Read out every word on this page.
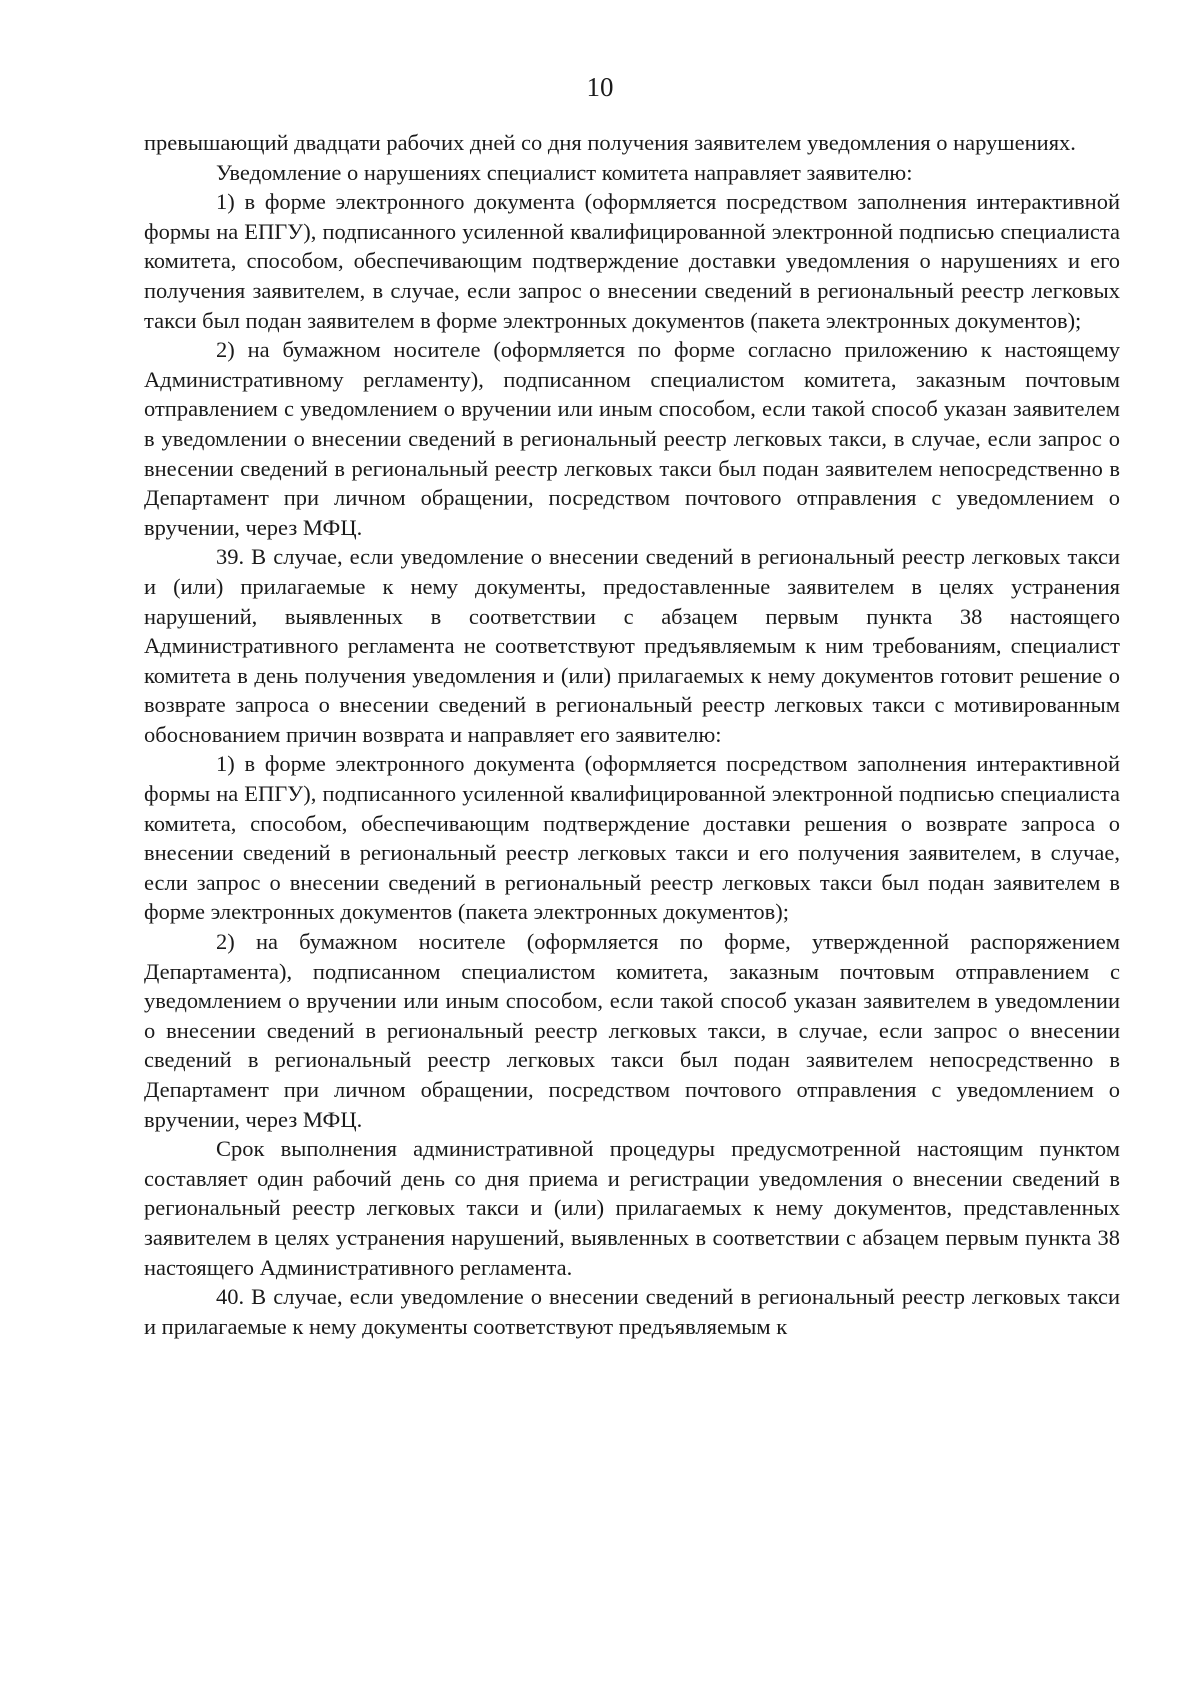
10

превышающий двадцати рабочих дней со дня получения заявителем уведомления о нарушениях.

Уведомление о нарушениях специалист комитета направляет заявителю:

1) в форме электронного документа (оформляется посредством заполнения интерактивной формы на ЕПГУ), подписанного усиленной квалифицированной электронной подписью специалиста комитета, способом, обеспечивающим подтверждение доставки уведомления о нарушениях и его получения заявителем, в случае, если запрос о внесении сведений в региональный реестр легковых такси был подан заявителем в форме электронных документов (пакета электронных документов);

2) на бумажном носителе (оформляется по форме согласно приложению к настоящему Административному регламенту), подписанном специалистом комитета, заказным почтовым отправлением с уведомлением о вручении или иным способом, если такой способ указан заявителем в уведомлении о внесении сведений в региональный реестр легковых такси, в случае, если запрос о внесении сведений в региональный реестр легковых такси был подан заявителем непосредственно в Департамент при личном обращении, посредством почтового отправления с уведомлением о вручении, через МФЦ.

39. В случае, если уведомление о внесении сведений в региональный реестр легковых такси и (или) прилагаемые к нему документы, предоставленные заявителем в целях устранения нарушений, выявленных в соответствии с абзацем первым пункта 38 настоящего Административного регламента не соответствуют предъявляемым к ним требованиям, специалист комитета в день получения уведомления и (или) прилагаемых к нему документов готовит решение о возврате запроса о внесении сведений в региональный реестр легковых такси с мотивированным обоснованием причин возврата и направляет его заявителю:

1) в форме электронного документа (оформляется посредством заполнения интерактивной формы на ЕПГУ), подписанного усиленной квалифицированной электронной подписью специалиста комитета, способом, обеспечивающим подтверждение доставки решения о возврате запроса о внесении сведений в региональный реестр легковых такси и его получения заявителем, в случае, если запрос о внесении сведений в региональный реестр легковых такси был подан заявителем в форме электронных документов (пакета электронных документов);

2) на бумажном носителе (оформляется по форме, утвержденной распоряжением Департамента), подписанном специалистом комитета, заказным почтовым отправлением с уведомлением о вручении или иным способом, если такой способ указан заявителем в уведомлении о внесении сведений в региональный реестр легковых такси, в случае, если запрос о внесении сведений в региональный реестр легковых такси был подан заявителем непосредственно в Департамент при личном обращении, посредством почтового отправления с уведомлением о вручении, через МФЦ.

Срок выполнения административной процедуры предусмотренной настоящим пунктом составляет один рабочий день со дня приема и регистрации уведомления о внесении сведений в региональный реестр легковых такси и (или) прилагаемых к нему документов, представленных заявителем в целях устранения нарушений, выявленных в соответствии с абзацем первым пункта 38 настоящего Административного регламента.

40. В случае, если уведомление о внесении сведений в региональный реестр легковых такси и прилагаемые к нему документы соответствуют предъявляемым к
